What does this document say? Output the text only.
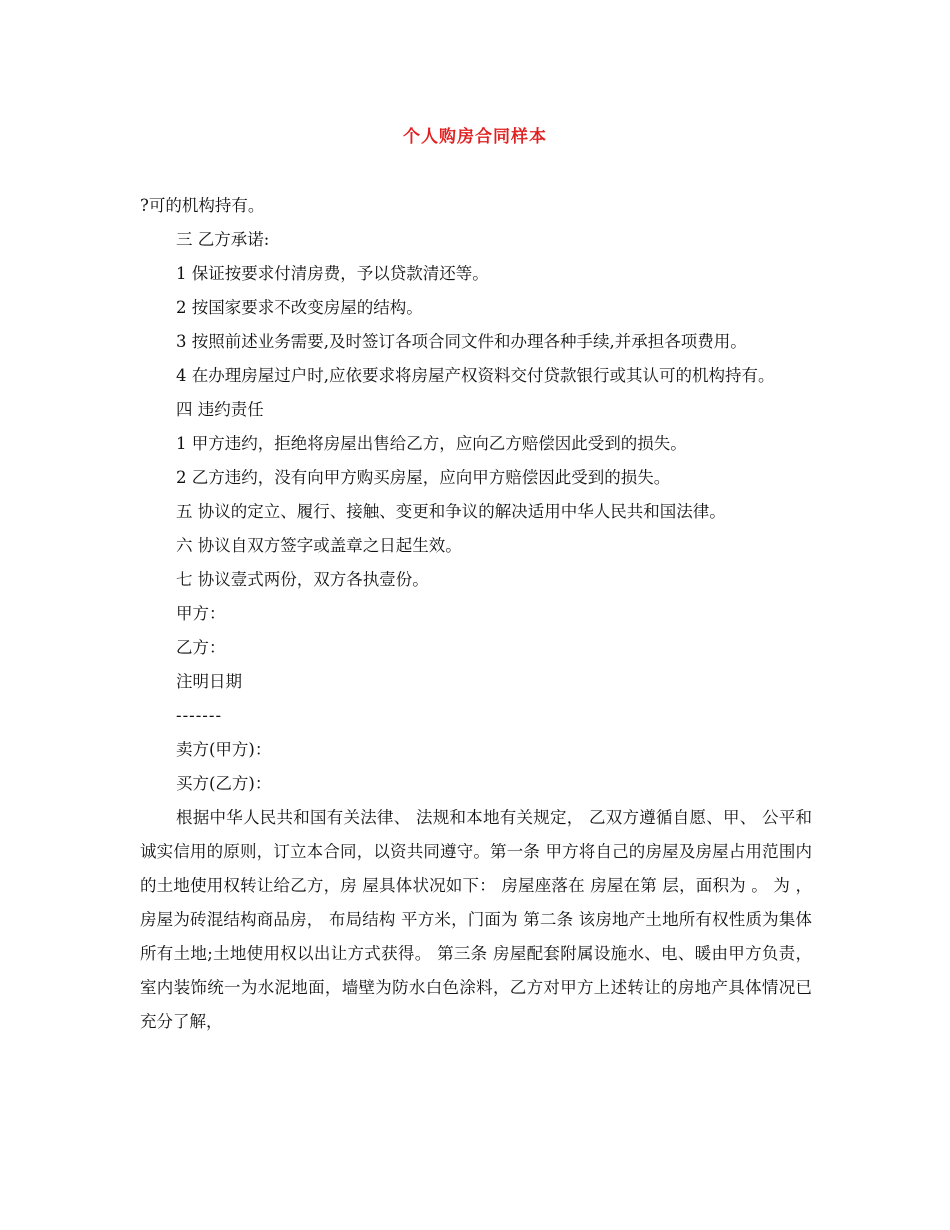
个人购房合同样本
?可的机构持有。
三 乙方承诺:
1 保证按要求付清房费，予以贷款清还等。
2 按国家要求不改变房屋的结构。
3 按照前述业务需要,及时签订各项合同文件和办理各种手续,并承担各项费用。
4 在办理房屋过户时,应依要求将房屋产权资料交付贷款银行或其认可的机构持有。
四 违约责任
1 甲方违约，拒绝将房屋出售给乙方，应向乙方赔偿因此受到的损失。
2 乙方违约，没有向甲方购买房屋，应向甲方赔偿因此受到的损失。
五 协议的定立、履行、接触、变更和争议的解决适用中华人民共和国法律。
六 协议自双方签字或盖章之日起生效。
七 协议壹式两份，双方各执壹份。
甲方：
乙方：
注明日期
-------
卖方(甲方)：
买方(乙方)：
根据中华人民共和国有关法律、 法规和本地有关规定， 乙双方遵循自愿、甲、 公平和诚实信用的原则，订立本合同，以资共同遵守。第一条 甲方将自己的房屋及房屋占用范围内的土地使用权转让给乙方，房 屋具体状况如下： 房屋座落在 房屋在第 层，面积为 。 为 ，房屋为砖混结构商品房， 布局结构 平方米，门面为 第二条 该房地产土地所有权性质为集体所有土地;土地使用权以出让方式获得。 第三条 房屋配套附属设施水、电、暖由甲方负责，室内装饰统一为水泥地面，墙壁为防水白色涂料，乙方对甲方上述转让的房地产具体情况已充分了解，
